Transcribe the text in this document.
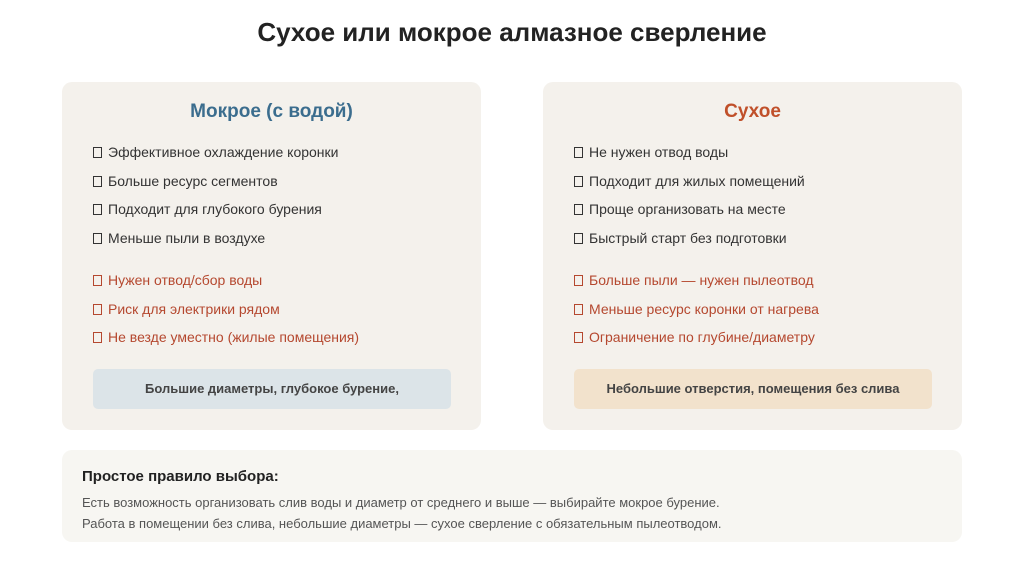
Сухое или мокрое алмазное сверление
Мокрое (с водой)
Эффективное охлаждение коронки
Больше ресурс сегментов
Подходит для глубокого бурения
Меньше пыли в воздухе
Нужен отвод/сбор воды
Риск для электрики рядом
Не везде уместно (жилые помещения)
Большие диаметры, глубокое бурение,
Сухое
Не нужен отвод воды
Подходит для жилых помещений
Проще организовать на месте
Быстрый старт без подготовки
Больше пыли — нужен пылеотвод
Меньше ресурс коронки от нагрева
Ограничение по глубине/диаметру
Небольшие отверстия, помещения без слива
Простое правило выбора:

Есть возможность организовать слив воды и диаметр от среднего и выше — выбирайте мокрое бурение.

Работа в помещении без слива, небольшие диаметры — сухое сверление с обязательным пылеотводом.
